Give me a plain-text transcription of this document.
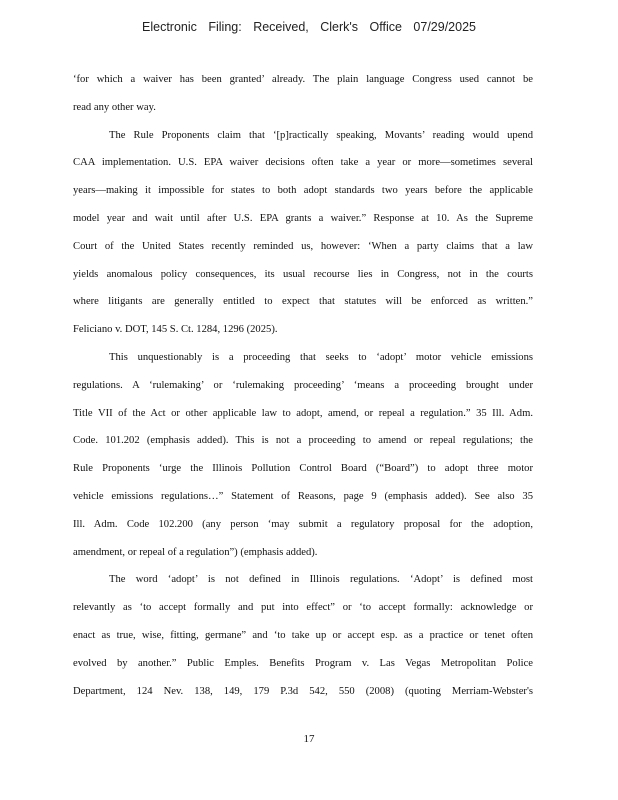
Electronic Filing: Received, Clerk's Office 07/29/2025
‘for which a waiver has been granted’ already. The plain language Congress used cannot be
read any other way.
The Rule Proponents claim that ‘[p]ractically speaking, Movants’ reading would upend
CAA implementation. U.S. EPA waiver decisions often take a year or more—sometimes several
years—making it impossible for states to both adopt standards two years before the applicable
model year and wait until after U.S. EPA grants a waiver.” Response at 10. As the Supreme
Court of the United States recently reminded us, however: ‘When a party claims that a law
yields anomalous policy consequences, its usual recourse lies in Congress, not in the courts
where litigants are generally entitled to expect that statutes will be enforced as written.”
Feliciano v. DOT, 145 S. Ct. 1284, 1296 (2025).
This unquestionably is a proceeding that seeks to ‘adopt’ motor vehicle emissions
regulations. A ‘rulemaking’ or ‘rulemaking proceeding’ ‘means a proceeding brought under
Title VII of the Act or other applicable law to adopt, amend, or repeal a regulation.” 35 Ill. Adm.
Code. 101.202 (emphasis added). This is not a proceeding to amend or repeal regulations; the
Rule Proponents ‘urge the Illinois Pollution Control Board (“Board”) to adopt three motor
vehicle emissions regulations…” Statement of Reasons, page 9 (emphasis added). See also 35
Ill. Adm. Code 102.200 (any person ‘may submit a regulatory proposal for the adoption,
amendment, or repeal of a regulation”) (emphasis added).
The word ‘adopt’ is not defined in Illinois regulations. ‘Adopt’ is defined most
relevantly as ‘to accept formally and put into effect” or ‘to accept formally: acknowledge or
enact as true, wise, fitting, germane” and ‘to take up or accept esp. as a practice or tenet often
evolved by another.” Public Emples. Benefits Program v. Las Vegas Metropolitan Police
Department, 124 Nev. 138, 149, 179 P.3d 542, 550 (2008) (quoting Merriam-Webster's
17
